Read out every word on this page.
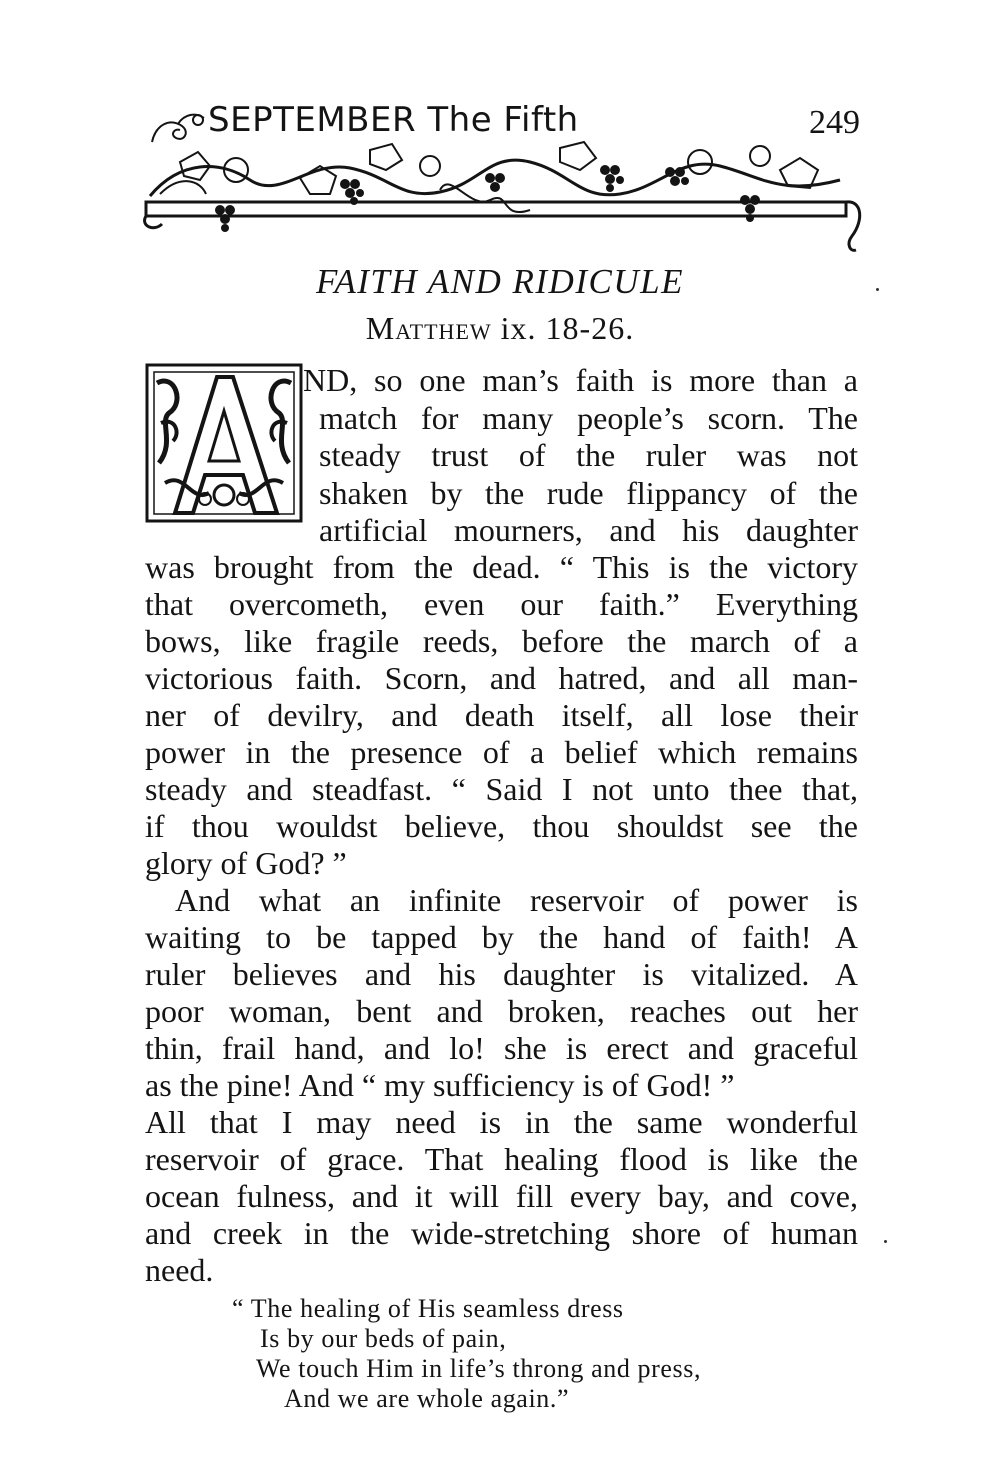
SEPTEMBER The Fifth	249
FAITH AND RIDICULE
Matthew ix. 18-26.
ND, so one man’s faith is more than a
match for many people’s scorn. The
steady trust of the ruler was not
shaken by the rude flippancy of the
artificial mourners, and his daughter
was brought from the dead. “ This is the victory
that overcometh, even our faith.” Everything
bows, like fragile reeds, before the march of a
victorious faith. Scorn, and hatred, and all man-
ner of devilry, and death itself, all lose their
power in the presence of a belief which remains
steady and steadfast. “ Said I not unto thee that,
if thou wouldst believe, thou shouldst see the
glory of God? ”
And what an infinite reservoir of power is
waiting to be tapped by the hand of faith! A
ruler believes and his daughter is vitalized. A
poor woman, bent and broken, reaches out her
thin, frail hand, and lo! she is erect and graceful
as the pine! And “ my sufficiency is of God! ”
All that I may need is in the same wonderful
reservoir of grace. That healing flood is like the
ocean fulness, and it will fill every bay, and cove,
and creek in the wide-stretching shore of human
need.
“ The healing of His seamless dress
Is by our beds of pain,
We touch Him in life’s throng and press,
And we are whole again.”
